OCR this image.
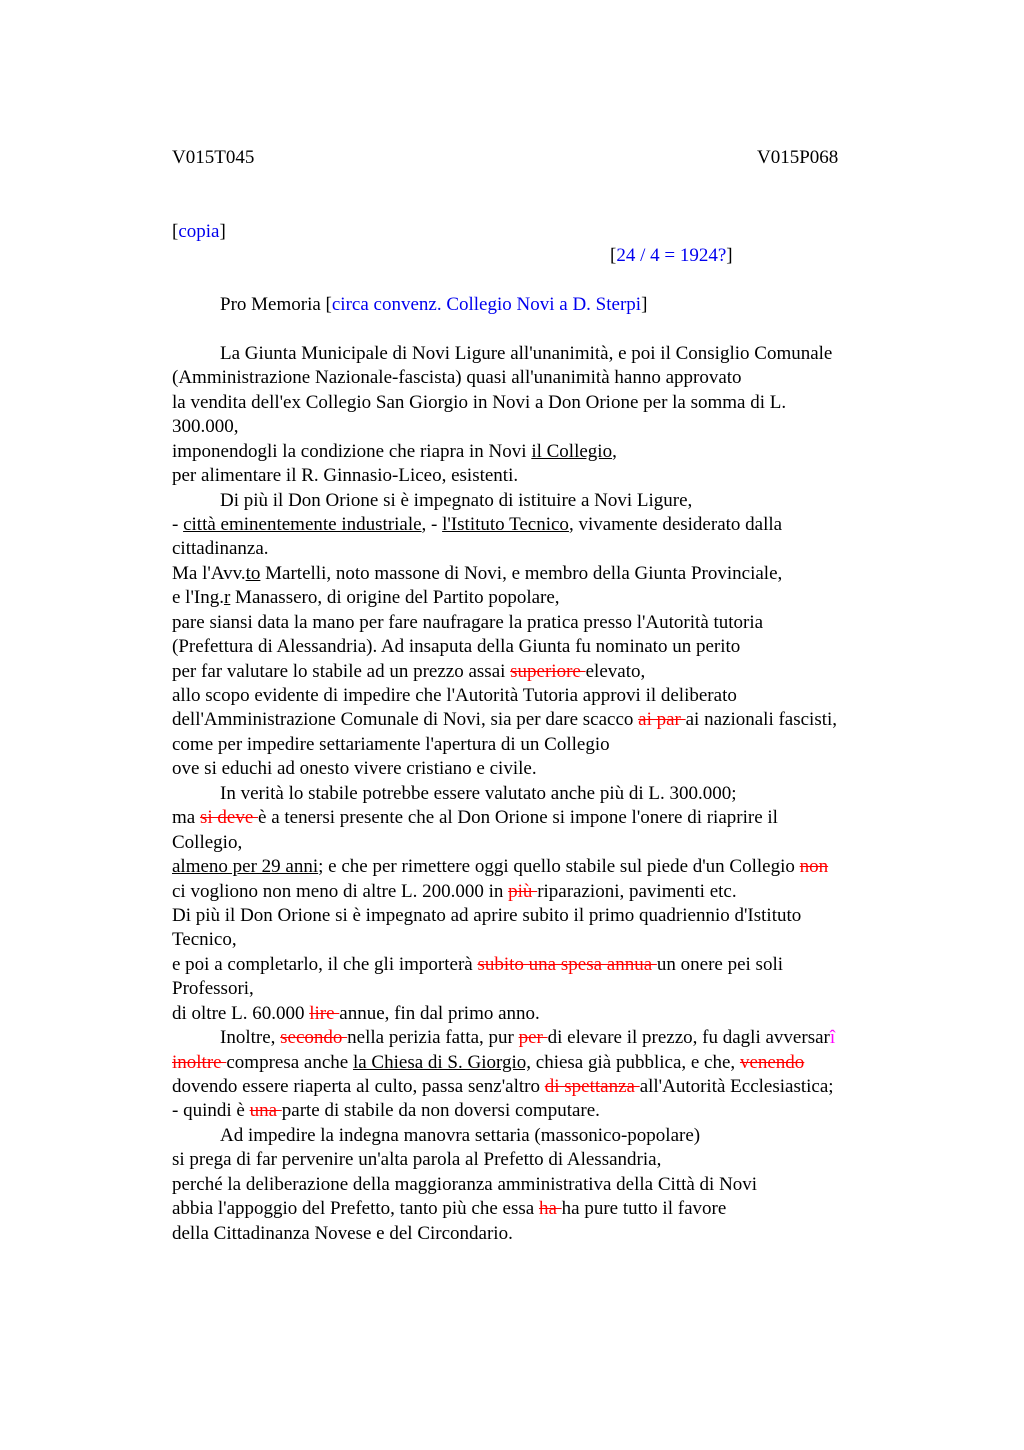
V015T045	V015P068
[copia]
[24 / 4 = 1924?]
Pro Memoria [circa convenz. Collegio Novi a D. Sterpi]
La Giunta Municipale di Novi Ligure all'unanimità, e poi il Consiglio Comunale
(Amministrazione Nazionale-fascista) quasi all'unanimità hanno approvato
la vendita dell'ex Collegio San Giorgio in Novi a Don Orione per la somma di L.
300.000,
imponendogli la condizione che riapra in Novi il Collegio,
per alimentare il R. Ginnasio-Liceo, esistenti.
Di più il Don Orione si è impegnato di istituire a Novi Ligure,
- città eminentemente industriale, - l'Istituto Tecnico, vivamente desiderato dalla
cittadinanza.
Ma l'Avv.to Martelli, noto massone di Novi, e membro della Giunta Provinciale,
e l'Ing.r Manassero, di origine del Partito popolare,
pare siansi data la mano per fare naufragare la pratica presso l'Autorità tutoria
(Prefettura di Alessandria). Ad insaputa della Giunta fu nominato un perito
per far valutare lo stabile ad un prezzo assai superiore elevato,
allo scopo evidente di impedire che l'Autorità Tutoria approvi il deliberato
dell'Amministrazione Comunale di Novi, sia per dare scacco ai par ai nazionali fascisti,
come per impedire settariamente l'apertura di un Collegio
ove si educhi ad onesto vivere cristiano e civile.
In verità lo stabile potrebbe essere valutato anche più di L. 300.000;
ma si deve è a tenersi presente che al Don Orione si impone l'onere di riaprire il
Collegio,
almeno per 29 anni; e che per rimettere oggi quello stabile sul piede d'un Collegio non
ci vogliono non meno di altre L. 200.000 in più riparazioni, pavimenti etc.
Di più il Don Orione si è impegnato ad aprire subito il primo quadriennio d'Istituto
Tecnico,
e poi a completarlo, il che gli importerà subito una spesa annua un onere pei soli
Professori,
di oltre L. 60.000 lire annue, fin dal primo anno.
Inoltre, secondo nella perizia fatta, pur per di elevare il prezzo, fu dagli avversarî
inoltre compresa anche la Chiesa di S. Giorgio, chiesa già pubblica, e che, venendo
dovendo essere riaperta al culto, passa senz'altro di spettanza all'Autorità Ecclesiastica;
- quindi è una parte di stabile da non doversi computare.
Ad impedire la indegna manovra settaria (massonico-popolare)
si prega di far pervenire un'alta parola al Prefetto di Alessandria,
perché la deliberazione della maggioranza amministrativa della Città di Novi
abbia l'appoggio del Prefetto, tanto più che essa ha ha pure tutto il favore
della Cittadinanza Novese e del Circondario.
